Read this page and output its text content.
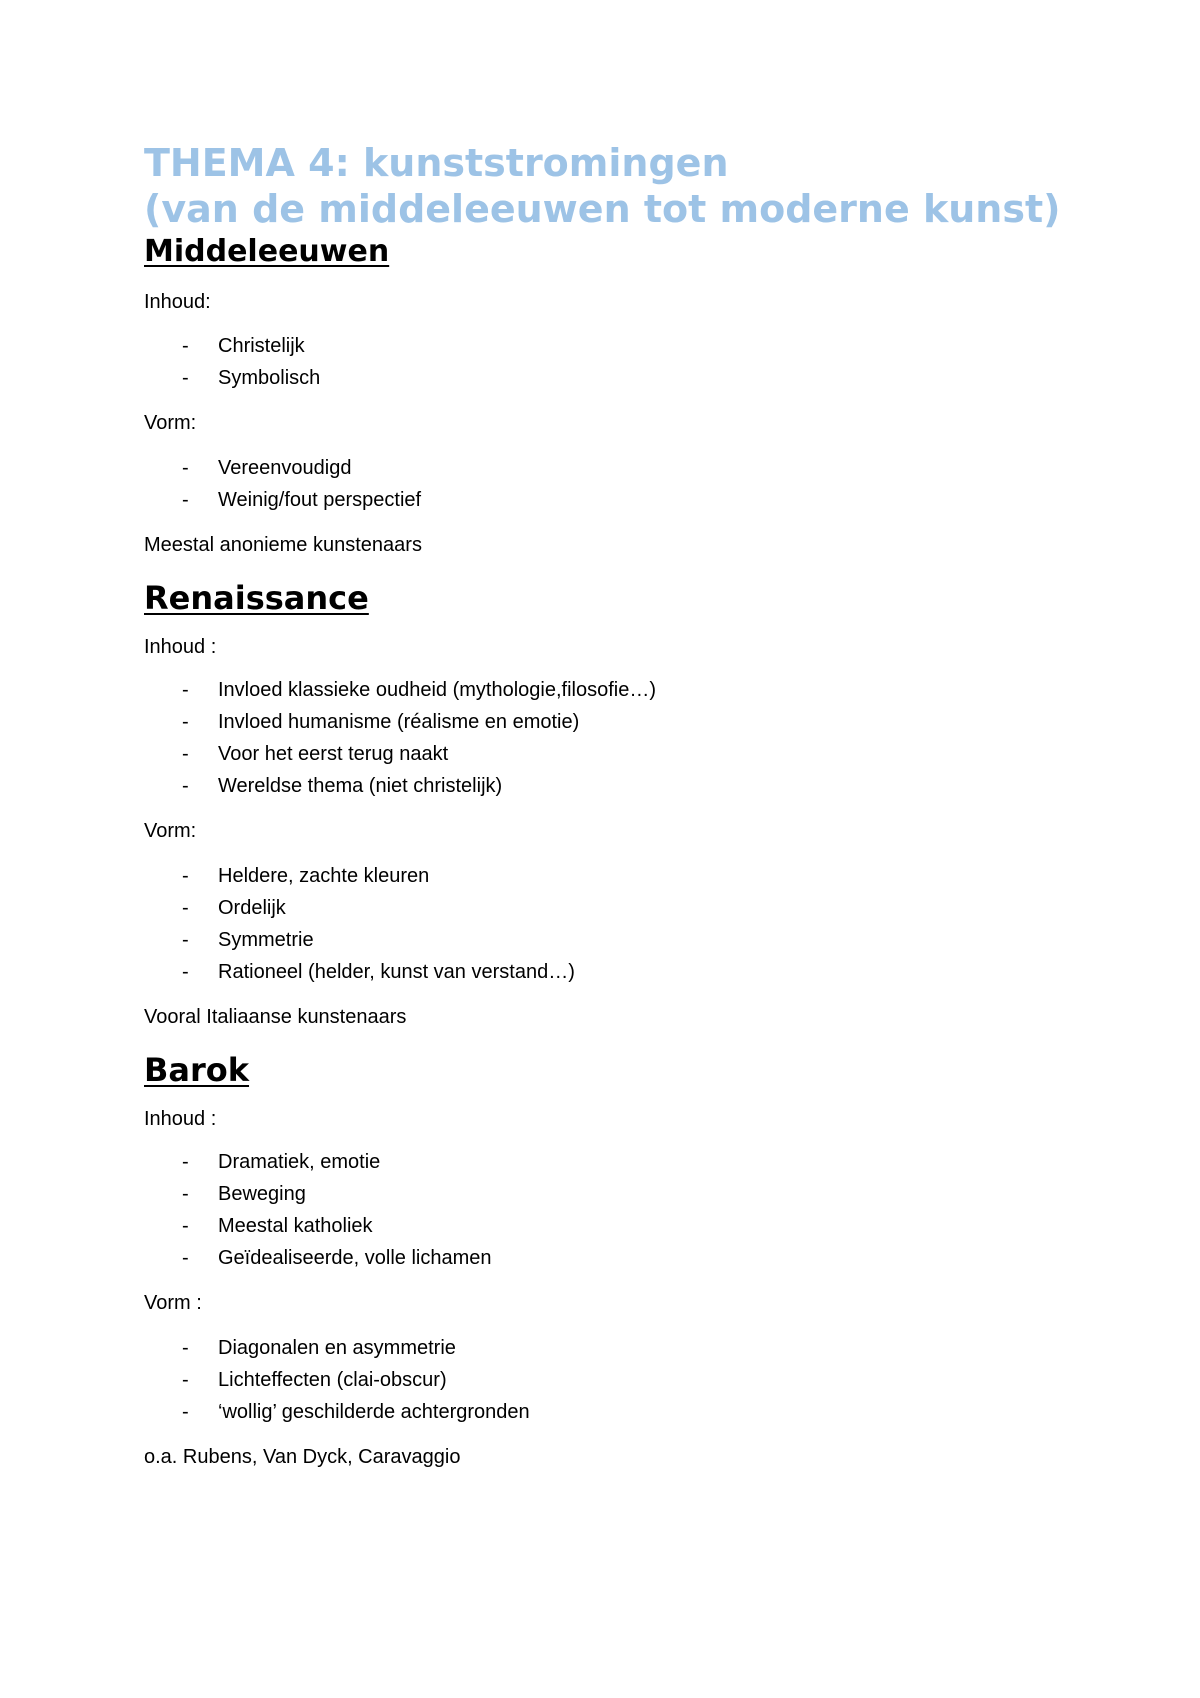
THEMA 4: kunststromingen
(van de middeleeuwen tot moderne kunst)
Middeleeuwen

Inhoud:

- Christelijk
- Symbolisch

Vorm:

- Vereenvoudigd
- Weinig/fout perspectief

Meestal anonieme kunstenaars

Renaissance

Inhoud :

- Invloed klassieke oudheid (mythologie,filosofie…)
- Invloed humanisme (réalisme en emotie)
- Voor het eerst terug naakt
- Wereldse thema (niet christelijk)

Vorm:

- Heldere, zachte kleuren
- Ordelijk
- Symmetrie
- Rationeel (helder, kunst van verstand…)

Vooral Italiaanse kunstenaars

Barok

Inhoud :

- Dramatiek, emotie
- Beweging
- Meestal katholiek
- Geïdealiseerde, volle lichamen

Vorm :

- Diagonalen en asymmetrie
- Lichteffecten (clai-obscur)
- ‘wollig’ geschilderde achtergronden

o.a. Rubens, Van Dyck, Caravaggio
